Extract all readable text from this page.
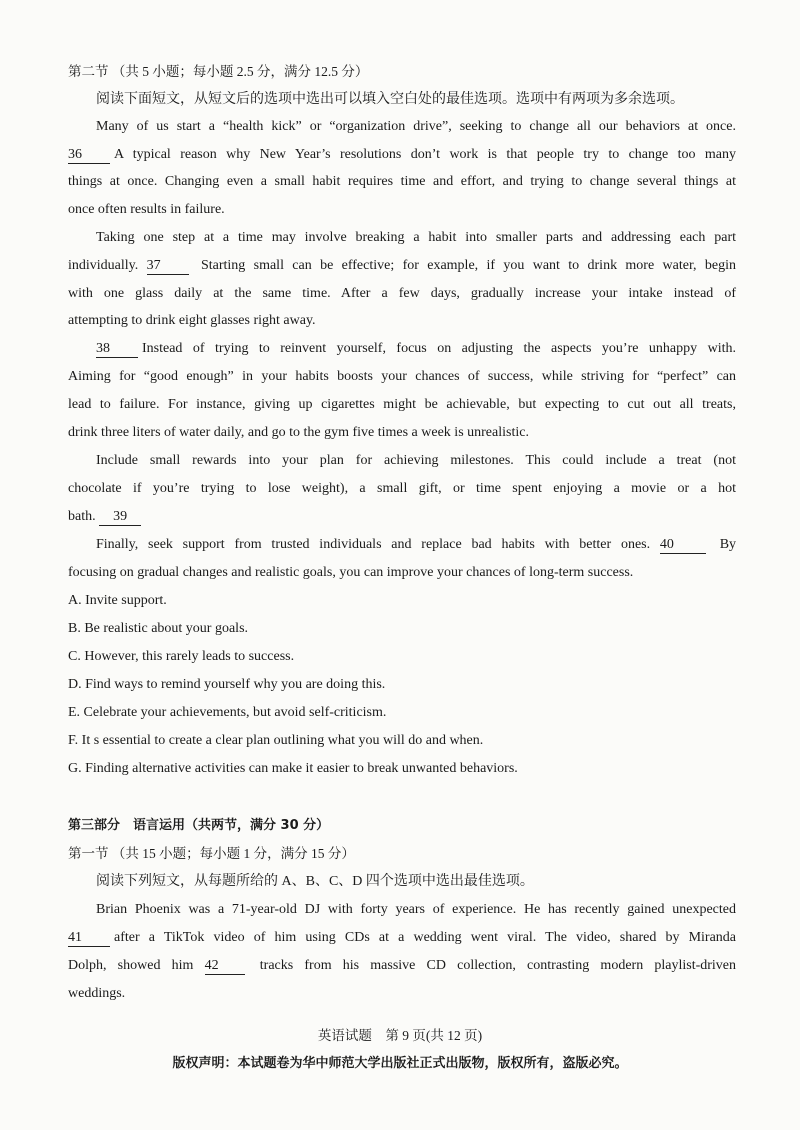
第二节 （共 5 小题；每小题 2.5 分，满分 12.5 分）
阅读下面短文，从短文后的选项中选出可以填入空白处的最佳选项。选项中有两项为多余选项。
Many of us start a “health kick” or “organization drive”, seeking to change all our behaviors at once.
36 A typical reason why New Year’s resolutions don’t work is that people try to change too many
things at once. Changing even a small habit requires time and effort, and trying to change several things at
once often results in failure.
Taking one step at a time may involve breaking a habit into smaller parts and addressing each part
individually. 37	Starting small can be effective; for example, if you want to drink more water, begin
with one glass daily at the same time. After a few days, gradually increase your intake instead of
attempting to drink eight glasses right away.
38 Instead of trying to reinvent yourself, focus on adjusting the aspects you’re unhappy with.
Aiming for “good enough” in your habits boosts your chances of success, while striving for “perfect” can
lead to failure. For instance, giving up cigarettes might be achievable, but expecting to cut out all treats,
drink three liters of water daily, and go to the gym five times a week is unrealistic.
Include small rewards into your plan for achieving milestones. This could include a treat (not
chocolate if you’re trying to lose weight), a small gift, or time spent enjoying a movie or a hot
bath. 39
Finally, seek support from trusted individuals and replace bad habits with better ones. 40	By
focusing on gradual changes and realistic goals, you can improve your chances of long-term success.
A. Invite support.
B. Be realistic about your goals.
C. However, this rarely leads to success.
D. Find ways to remind yourself why you are doing this.
E. Celebrate your achievements, but avoid self-criticism.
F. It s essential to create a clear plan outlining what you will do and when.
G. Finding alternative activities can make it easier to break unwanted behaviors.
第三部分　语言运用（共两节，满分 30 分）
第一节 （共 15 小题；每小题 1 分，满分 15 分）
阅读下列短文，从每题所给的 A、B、C、D 四个选项中选出最佳选项。
Brian Phoenix was a 71-year-old DJ with forty years of experience. He has recently gained unexpected
41 after a TikTok video of him using CDs at a wedding went viral. The video, shared by Miranda
Dolph, showed him 42	tracks from his massive CD collection, contrasting modern playlist-driven
weddings.
英语试题　第 9 页(共 12 页)
版权声明：本试题卷为华中师范大学出版社正式出版物，版权所有，盗版必究。
